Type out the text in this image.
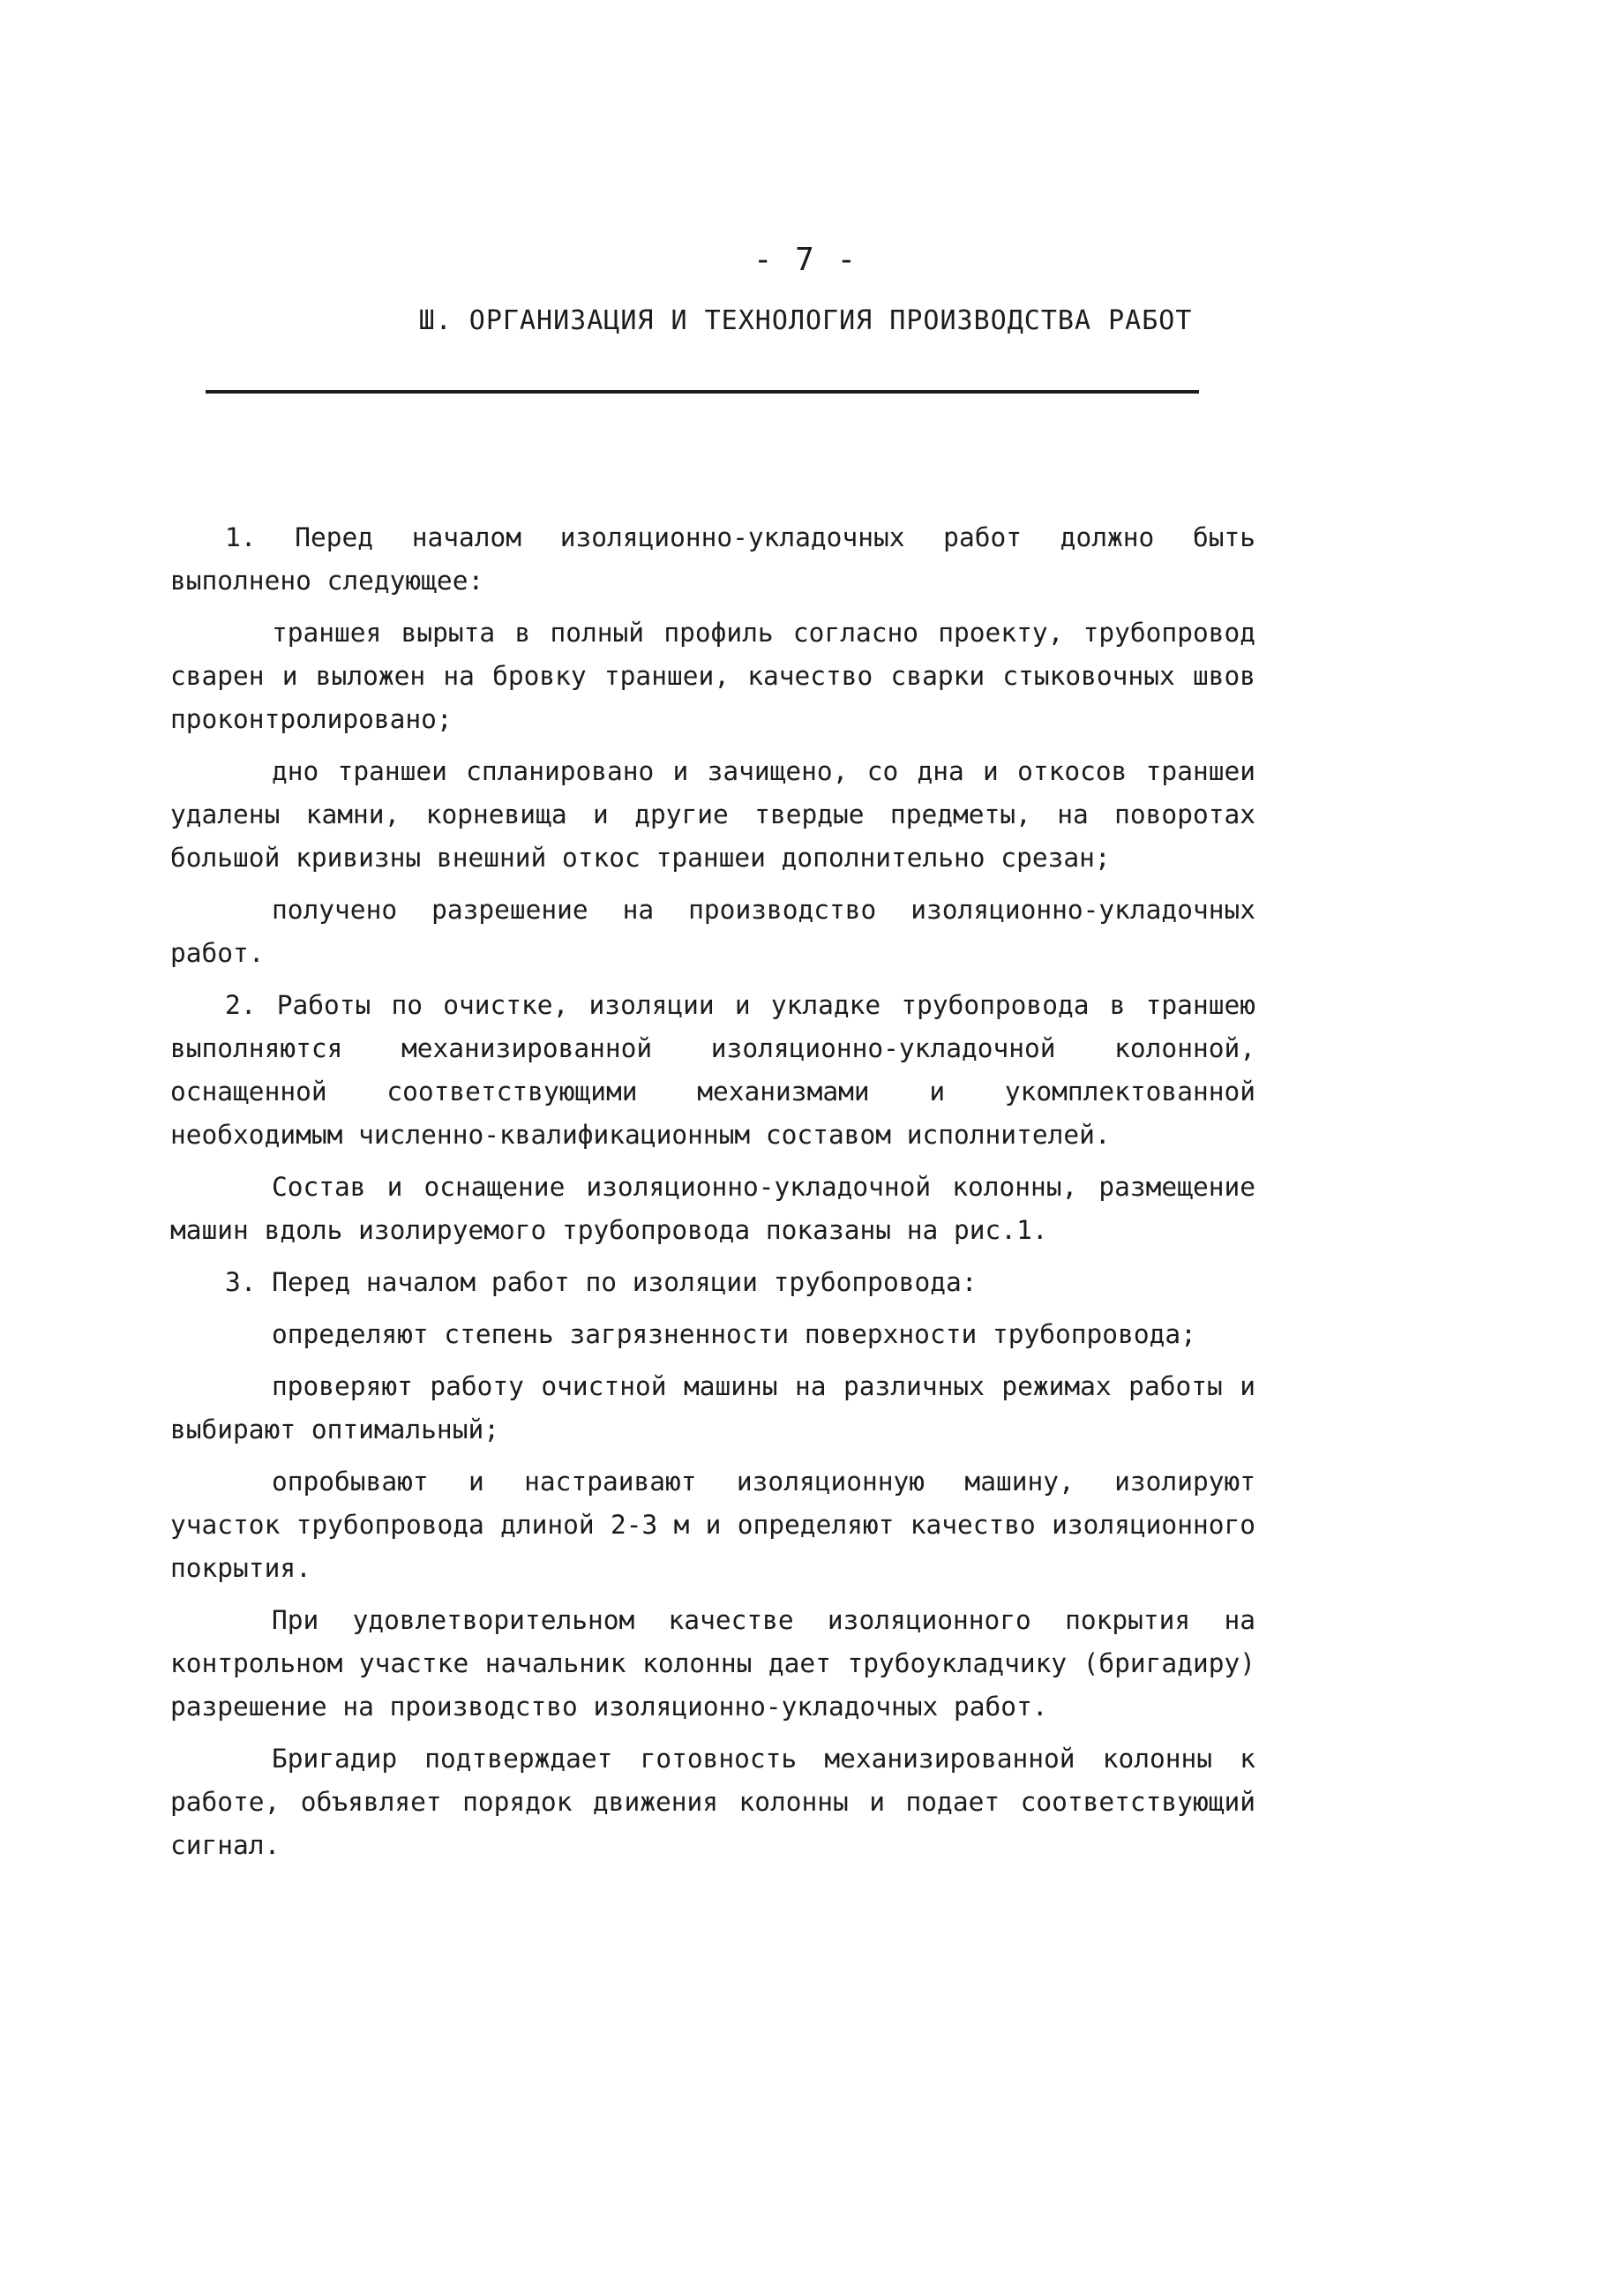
- 7 -
Ш. ОРГАНИЗАЦИЯ И ТЕХНОЛОГИЯ ПРОИЗВОДСТВА РАБОТ

1. Перед началом изоляционно-укладочных работ должно быть выполнено следующее:

траншея вырыта в полный профиль согласно проекту, трубопровод сварен и выложен на бровку траншеи, качество сварки стыковочных швов проконтролировано;

дно траншеи спланировано и зачищено, со дна и откосов траншеи удалены камни, корневища и другие твердые предметы, на поворотах большой кривизны внешний откос траншеи дополнительно срезан;

получено разрешение на производство изоляционно-укладочных работ.

2. Работы по очистке, изоляции и укладке трубопровода в траншею выполняются механизированной изоляционно-укладочной колонной, оснащенной соответствующими механизмами и укомплектованной необходимым численно-квалификационным составом исполнителей.

Состав и оснащение изоляционно-укладочной колонны, размещение машин вдоль изолируемого трубопровода показаны на рис.1.

3. Перед началом работ по изоляции трубопровода:

определяют степень загрязненности поверхности трубопровода;

проверяют работу очистной машины на различных режимах работы и выбирают оптимальный;

опробывают и настраивают изоляционную машину, изолируют участок трубопровода длиной 2-3 м и определяют качество изоляционного покрытия.

При удовлетворительном качестве изоляционного покрытия на контрольном участке начальник колонны дает трубоукладчику (бригадиру) разрешение на производство изоляционно-укладочных работ.

Бригадир подтверждает готовность механизированной колонны к работе, объявляет порядок движения колонны и подает соответствующий сигнал.
